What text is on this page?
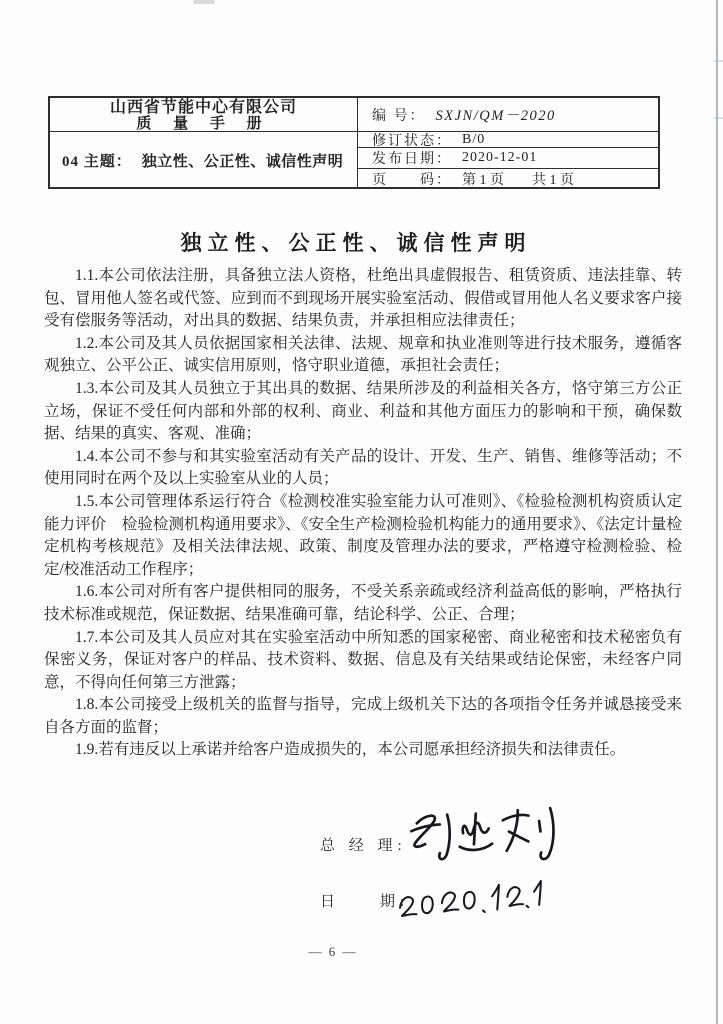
山西省节能中心有限公司
质 量 手 册
04 主题： 独立性、公正性、诚信性声明
编 号： SXJN/QM－2020
修订状态： B/0
发布日期： 2020-12-01
页　　码： 第 1 页　　共 1 页
独立性、公正性、诚信性声明

1.1.本公司依法注册，具备独立法人资格，杜绝出具虚假报告、租赁资质、违法挂靠、转包、冒用他人签名或代签、应到而不到现场开展实验室活动、假借或冒用他人名义要求客户接受有偿服务等活动，对出具的数据、结果负责，并承担相应法律责任；

1.2.本公司及其人员依据国家相关法律、法规、规章和执业准则等进行技术服务，遵循客观独立、公平公正、诚实信用原则，恪守职业道德，承担社会责任；

1.3.本公司及其人员独立于其出具的数据、结果所涉及的利益相关各方，恪守第三方公正立场，保证不受任何内部和外部的权利、商业、利益和其他方面压力的影响和干预，确保数据、结果的真实、客观、准确；

1.4.本公司不参与和其实验室活动有关产品的设计、开发、生产、销售、维修等活动；不使用同时在两个及以上实验室从业的人员；

1.5.本公司管理体系运行符合《检测校准实验室能力认可准则》、《检验检测机构资质认定能力评价　检验检测机构通用要求》、《安全生产检测检验机构能力的通用要求》、《法定计量检定机构考核规范》及相关法律法规、政策、制度及管理办法的要求，严格遵守检测检验、检定/校准活动工作程序；

1.6.本公司对所有客户提供相同的服务，不受关系亲疏或经济利益高低的影响，严格执行技术标准或规范，保证数据、结果准确可靠，结论科学、公正、合理；

1.7.本公司及其人员应对其在实验室活动中所知悉的国家秘密、商业秘密和技术秘密负有保密义务，保证对客户的样品、技术资料、数据、信息及有关结果或结论保密，未经客户同意，不得向任何第三方泄露；

1.8.本公司接受上级机关的监督与指导，完成上级机关下达的各项指令任务并诚恳接受来自各方面的监督；

1.9.若有违反以上承诺并给客户造成损失的，本公司愿承担经济损失和法律责任。

总 经 理:
日　　期:
— 6 —
